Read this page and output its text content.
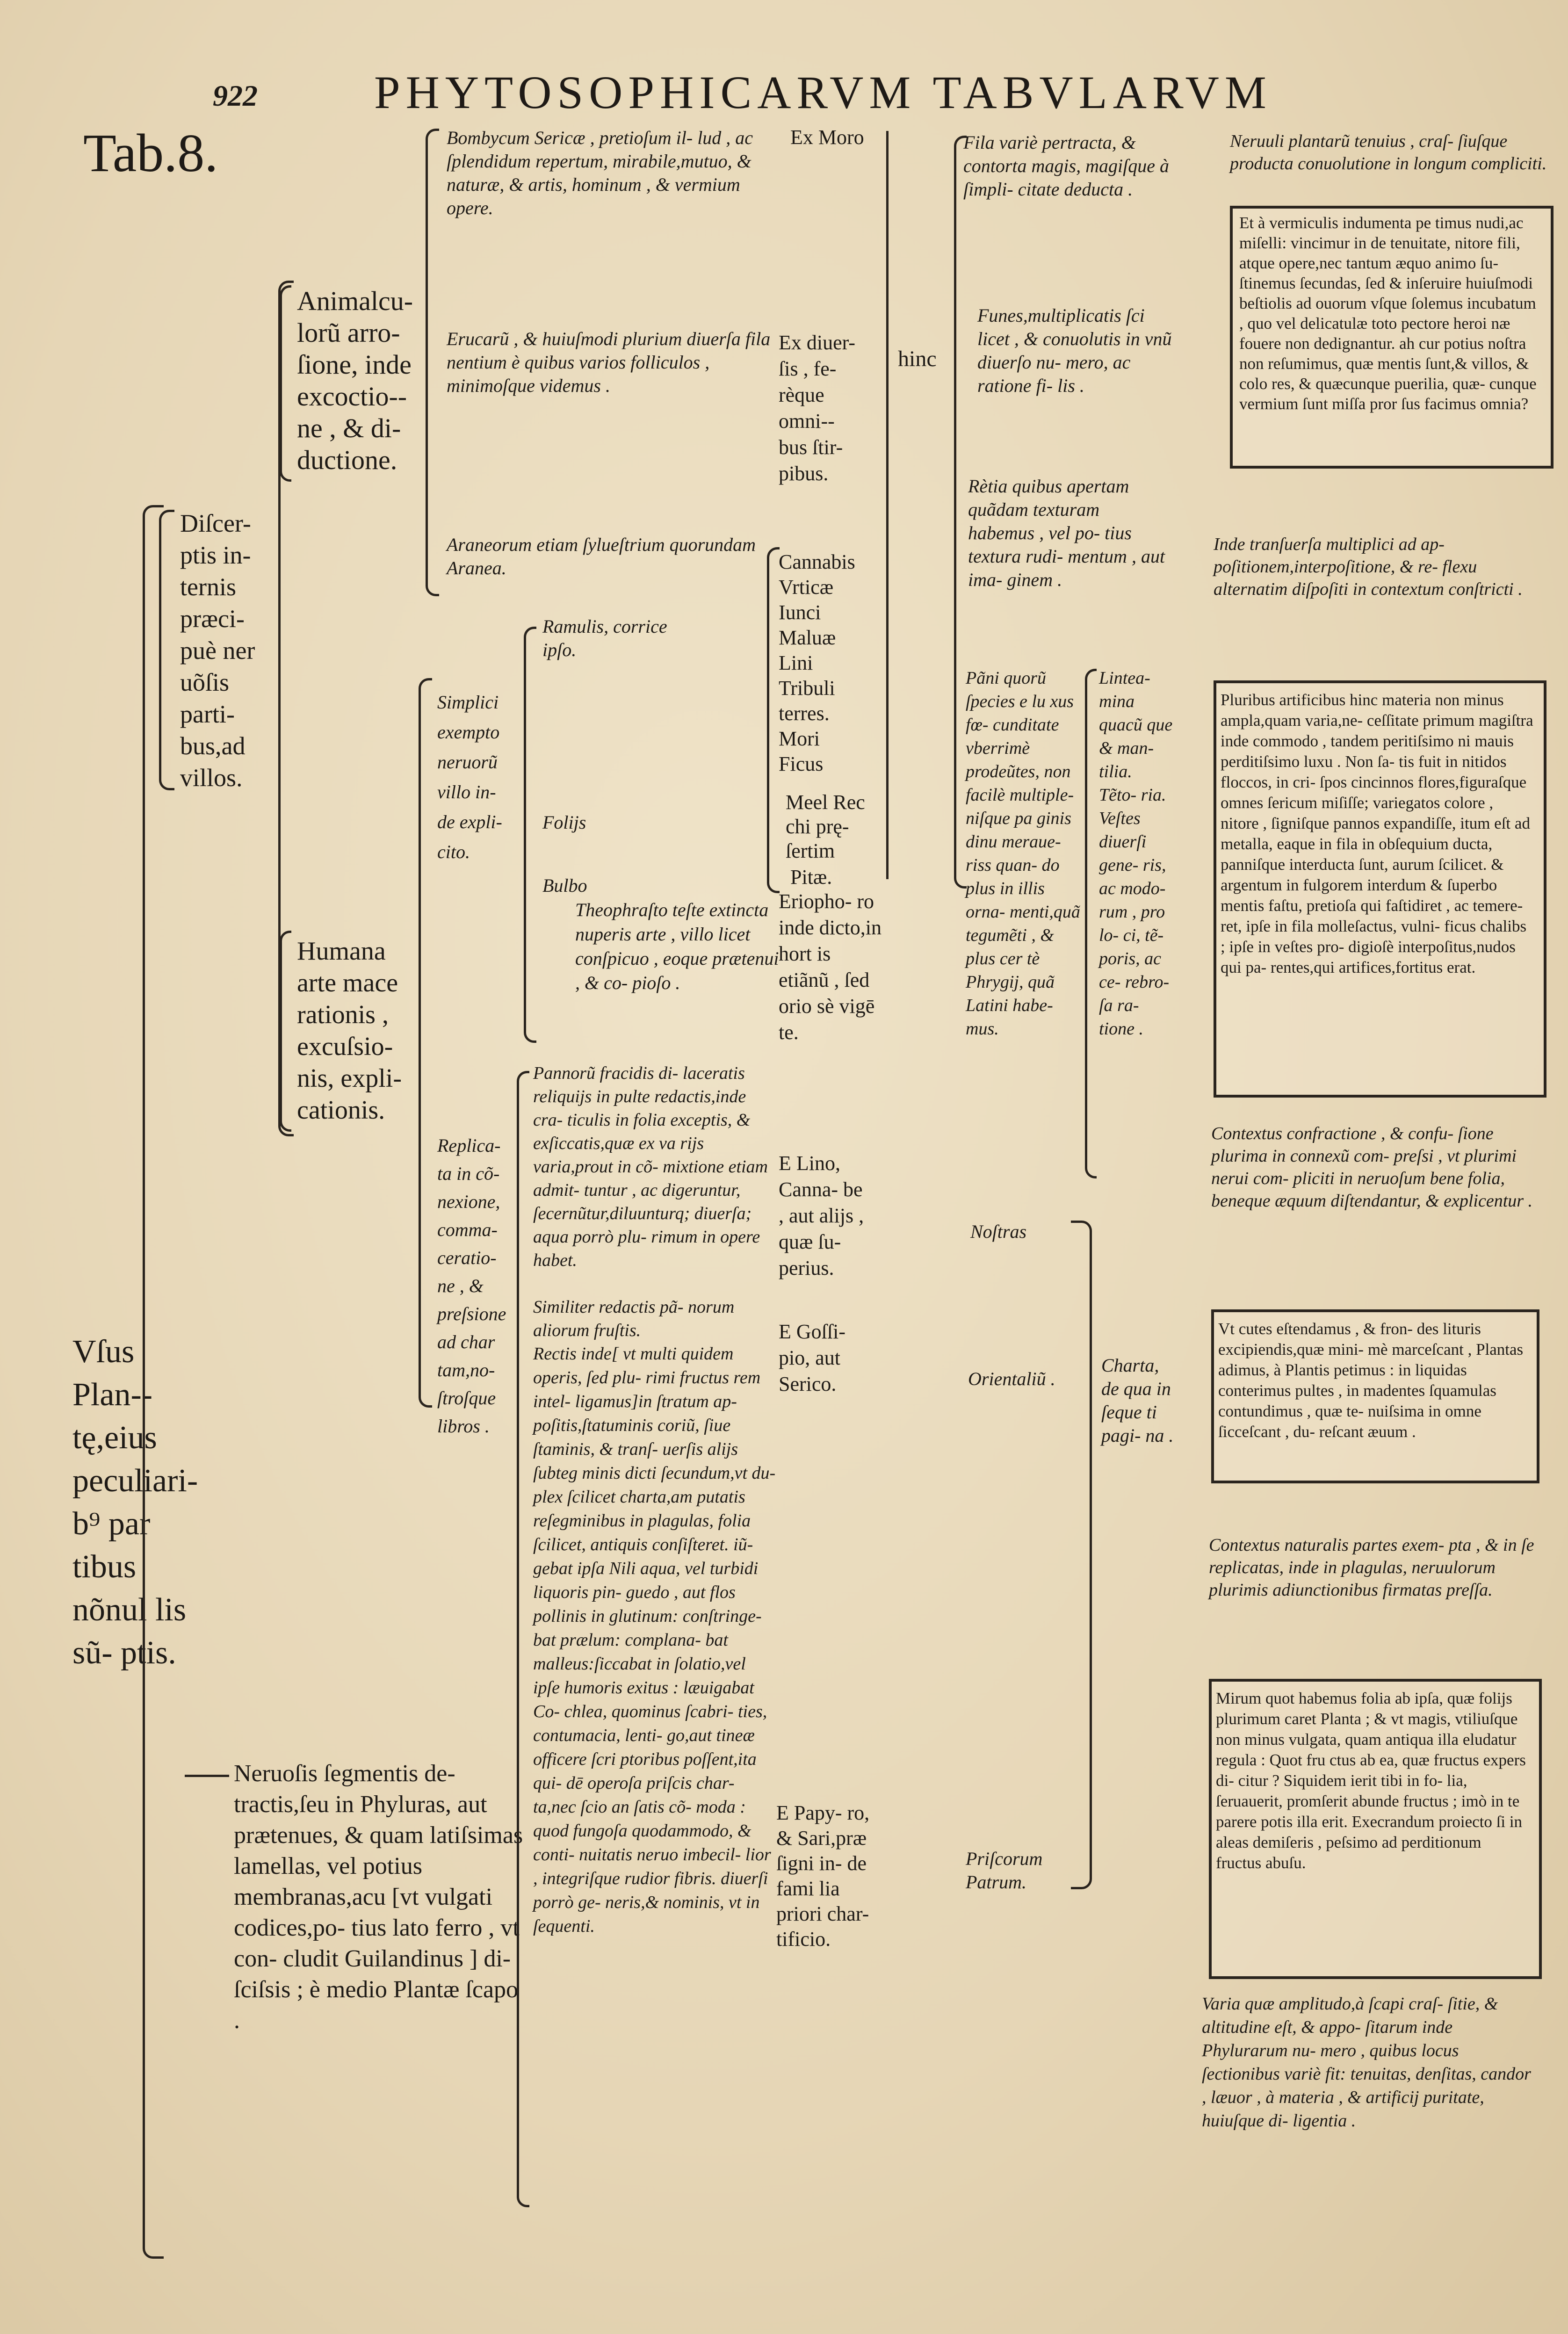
922 PHYTOSOPHICARVM TABVLARVM
Tab.8.
Vſus Plan-- tę,eius peculiari- b⁹ par tibus nõnul lis sũ- ptis.
Diſcer- ptis in- ternis præci- puè ner uõſis parti- bus,ad villos.
Neruoſis ſegmentis de- tractis,ſeu in Phyluras, aut prætenues, & quam latiſsimas lamellas, vel potius membranas,acu [vt vulgati codices,po- tius lato ferro , vt con- cludit Guilandinus ] di- ſciſsis ; è medio Plantæ ſcapo .
Animalcu- lorũ arro- ſione, inde excoctio-- ne , & di- ductione.
Humana arte mace rationis , excuſsio- nis, expli- cationis.
Simplici exempto neruorũ villo in- de expli- cito.
Replica- ta in cõ- nexione, comma- ceratio- ne , & preſsione ad char tam,no- ſtroſque libros .
Bombycum Sericæ , pretioſum il- lud , ac ſplendidum repertum, mirabile,mutuo, & naturæ, & artis, hominum , & vermium opere.
Erucarũ , & huiuſmodi plurium diuerſa fila nentium è quibus varios folliculos , minimoſque videmus .
Araneorum etiam ſylueſtrium quorundam Aranea.
Ramulis, corrice ipſo.
Folijs
Bulbo
Theophraſto teſte extincta nuperis arte , villo licet conſpicuo , eoque prætenui , & co- pioſo .
Pannorũ fracidis di- laceratis reliquijs in pulte redactis,inde cra- ticulis in folia exceptis, & exſiccatis,quæ ex va rijs varia,prout in cõ- mixtione etiam admit- tuntur , ac digeruntur, ſecernũtur,diluunturq; diuerſa; aqua porrò plu- rimum in opere habet.
Similiter redactis pã- norum aliorum fruſtis.
Rectis inde[ vt multi quidem operis, ſed plu- rimi fructus rem intel- ligamus]in ſtratum ap- poſitis,ſtatuminis coriũ, ſiue ſtaminis, & tranſ- uerſis alijs ſubteg minis dicti ſecundum,vt du- plex ſcilicet charta,am putatis reſegminibus in plagulas, folia ſcilicet, antiquis conſiſteret. iũ- gebat ipſa Nili aqua, vel turbidi liquoris pin- guedo , aut flos pollinis in glutinum: conſtringe- bat prælum: complana- bat malleus:ſiccabat in ſolatio,vel ipſe humoris exitus : læuigabat Co- chlea, quominus ſcabri- ties, contumacia, lenti- go,aut tineæ officere ſcri ptoribus poſſent,ita qui- dē operoſa priſcis char- ta,nec ſcio an ſatis cõ- moda : quod fungoſa quodammodo, & conti- nuitatis neruo imbecil- lior , integriſque rudior fibris. diuerſi porrò ge- neris,& nominis, vt in ſequenti.
Ex Moro
Ex diuer- ſis , fe- rèque omni-- bus ſtir- pibus.
Cannabis
Vrticæ
Iunci
Maluæ
Lini
Tribuli terres.
Mori
Ficus
Meel Rec chi prę- ſertim
Pitæ.
Eriopho- ro inde dicto,in hort is etiãnũ , ſed orio sè vigē te.
E Lino, Canna- be , aut alijs , quæ ſu- perius.
E Goſſi- pio, aut Serico.
E Papy- ro, & Sari,præ ſigni in- de fami lia priori char- tificio.
hinc
Fila variè pertracta, & contorta magis, magiſque à ſimpli- citate deducta .
Funes,multiplicatis ſci licet , & conuolutis in vnũ diuerſo nu- mero, ac ratione fi- lis .
Rètia quibus apertam quãdam texturam habemus , vel po- tius textura rudi- mentum , aut ima- ginem .
Pãni quorũ ſpecies e lu xus fœ- cunditate vberrimè prodeũtes, non facilè multiple- niſque pa ginis dinu meraue- riss quan- do plus in illis orna- menti,quã tegumẽti , & plus cer tè Phrygij, quã Latini habe- mus.
Lintea- mina quacũ que & man- tilia. Tẽto- ria. Veſtes diuerſi gene- ris, ac modo- rum , pro lo- ci, tẽ- poris, ac ce- rebro- ſa ra- tione .
Noſtras
Orientaliũ .
Priſcorum Patrum.
Charta, de qua in ſeque ti pagi- na .
Neruuli plantarũ tenuius , craſ- ſiuſque producta conuolutione in longum compliciti.
Et à vermiculis indumenta pe timus nudi,ac miſelli: vincimur in de tenuitate, nitore fili, atque opere,nec tantum æquo animo ſu- ſtinemus ſecundas, ſed & inſeruire huiuſmodi beſtiolis ad ouorum vſque ſolemus incubatum , quo vel delicatulæ toto pectore heroi næ fouere non dedignantur. ah cur potius noſtra non reſumimus, quæ mentis ſunt,& villos, & colo res, & quæcunque puerilia, quæ- cunque vermium ſunt miſſa pror ſus facimus omnia?
Inde tranſuerſa multiplici ad ap- poſitionem,interpoſitione, & re- flexu alternatim diſpoſiti in contextum conſtricti .
Pluribus artificibus hinc materia non minus ampla,quam varia,ne- ceſſitate primum magiſtra inde commodo , tandem peritiſsimo ni mauis perditiſsimo luxu . Non ſa- tis fuit in nitidos floccos, in cri- ſpos cincinnos flores,figuraſque omnes ſericum miſiſſe; variegatos colore , nitore , ſigniſque pannos expandiſſe, itum eſt ad metalla, eaque in fila in obſequium ducta, panniſque interducta ſunt, aurum ſcilicet. & argentum in fulgorem interdum & ſuperbo mentis faſtu, pretioſa qui faſtidiret , ac temere- ret, ipſe in fila molleſactus, vulni- ficus chalibs ; ipſe in veſtes pro- digioſè interpoſitus,nudos qui pa- rentes,qui artifices,fortitus erat.
Contextus confractione , & confu- ſione plurima in connexũ com- preſsi , vt plurimi nerui com- pliciti in neruoſum bene folia, beneque æquum diſtendantur, & explicentur .
Vt cutes eſtendamus , & fron- des lituris excipiendis,quæ mini- mè marceſcant , Plantas adimus, à Plantis petimus : in liquidas conterimus pultes , in madentes ſquamulas contundimus , quæ te- nuiſsima in omne ſicceſcant , du- reſcant æuum .
Contextus naturalis partes exem- pta , & in ſe replicatas, inde in plagulas, neruulorum plurimis adiunctionibus firmatas preſſa.
Mirum quot habemus folia ab ipſa, quæ folijs plurimum caret Planta ; & vt magis, vtiliuſque non minus vulgata, quam antiqua illa eludatur regula : Quot fru ctus ab ea, quæ fructus expers di- citur ? Siquidem ierit tibi in fo- lia, ſeruauerit, promſerit abunde fructus ; imò in te parere potis illa erit. Execrandum proiecto ſi in aleas demiſeris , peſsimo ad perditionum fructus abuſu.
Varia quæ amplitudo,à ſcapi craſ- ſitie, & altitudine eſt, & appo- ſitarum inde Phylurarum nu- mero , quibus locus ſectionibus variè fit: tenuitas, denſitas, candor , læuor , à materia , & artificij puritate, huiuſque di- ligentia .
